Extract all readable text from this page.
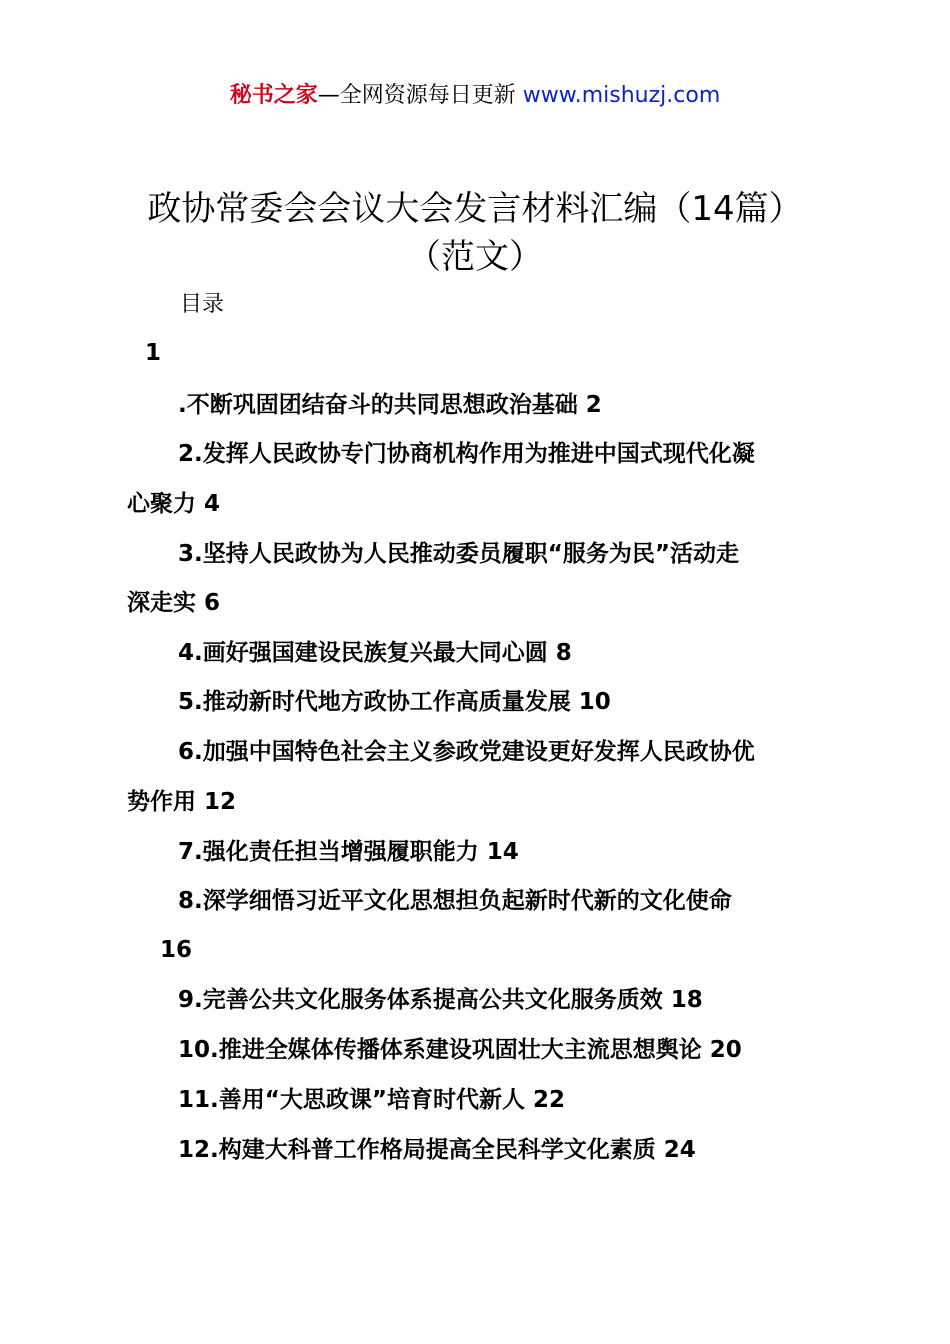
秘书之家—全网资源每日更新 www.mishuzj.com
政协常委会会议大会发言材料汇编（14篇）
（范文）
目录
1
.不断巩固团结奋斗的共同思想政治基础 2
2.发挥人民政协专门协商机构作用为推进中国式现代化凝
心聚力 4
3.坚持人民政协为人民推动委员履职“服务为民”活动走
深走实 6
4.画好强国建设民族复兴最大同心圆 8
5.推动新时代地方政协工作高质量发展 10
6.加强中国特色社会主义参政党建设更好发挥人民政协优
势作用 12
7.强化责任担当增强履职能力 14
8.深学细悟习近平文化思想担负起新时代新的文化使命
16
9.完善公共文化服务体系提高公共文化服务质效 18
10.推进全媒体传播体系建设巩固壮大主流思想舆论 20
11.善用“大思政课”培育时代新人 22
12.构建大科普工作格局提高全民科学文化素质 24
